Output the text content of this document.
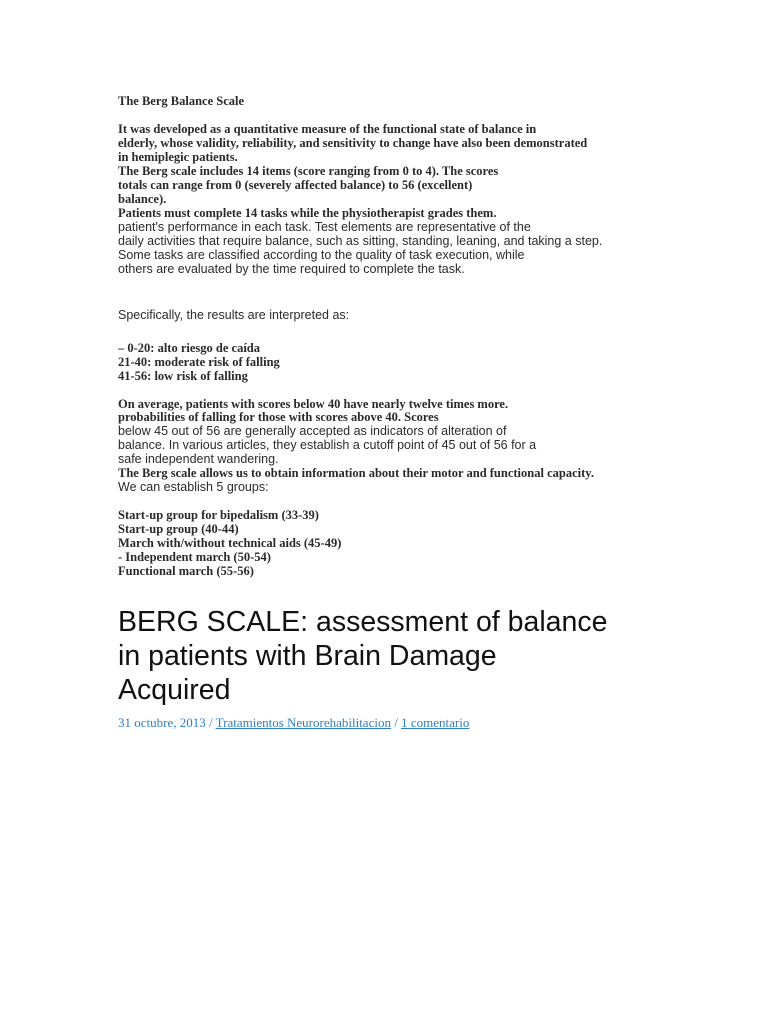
The Berg Balance Scale
It was developed as a quantitative measure of the functional state of balance in
elderly, whose validity, reliability, and sensitivity to change have also been demonstrated
in hemiplegic patients.
The Berg scale includes 14 items (score ranging from 0 to 4). The scores
totals can range from 0 (severely affected balance) to 56 (excellent)
balance).
Patients must complete 14 tasks while the physiotherapist grades them.
patient's performance in each task. Test elements are representative of the
daily activities that require balance, such as sitting, standing, leaning, and taking a step.
Some tasks are classified according to the quality of task execution, while
others are evaluated by the time required to complete the task.
Specifically, the results are interpreted as:
– 0-20: alto riesgo de caída
21-40: moderate risk of falling
41-56: low risk of falling
On average, patients with scores below 40 have nearly twelve times more.
probabilities of falling for those with scores above 40. Scores
below 45 out of 56 are generally accepted as indicators of alteration of
balance. In various articles, they establish a cutoff point of 45 out of 56 for a
safe independent wandering.
The Berg scale allows us to obtain information about their motor and functional capacity.
We can establish 5 groups:
Start-up group for bipedalism (33-39)
Start-up group (40-44)
March with/without technical aids (45-49)
- Independent march (50-54)
Functional march (55-56)
BERG SCALE: assessment of balance
in patients with Brain Damage
Acquired
31 octubre, 2013 / Tratamientos Neurorehabilitacion / 1 comentario
